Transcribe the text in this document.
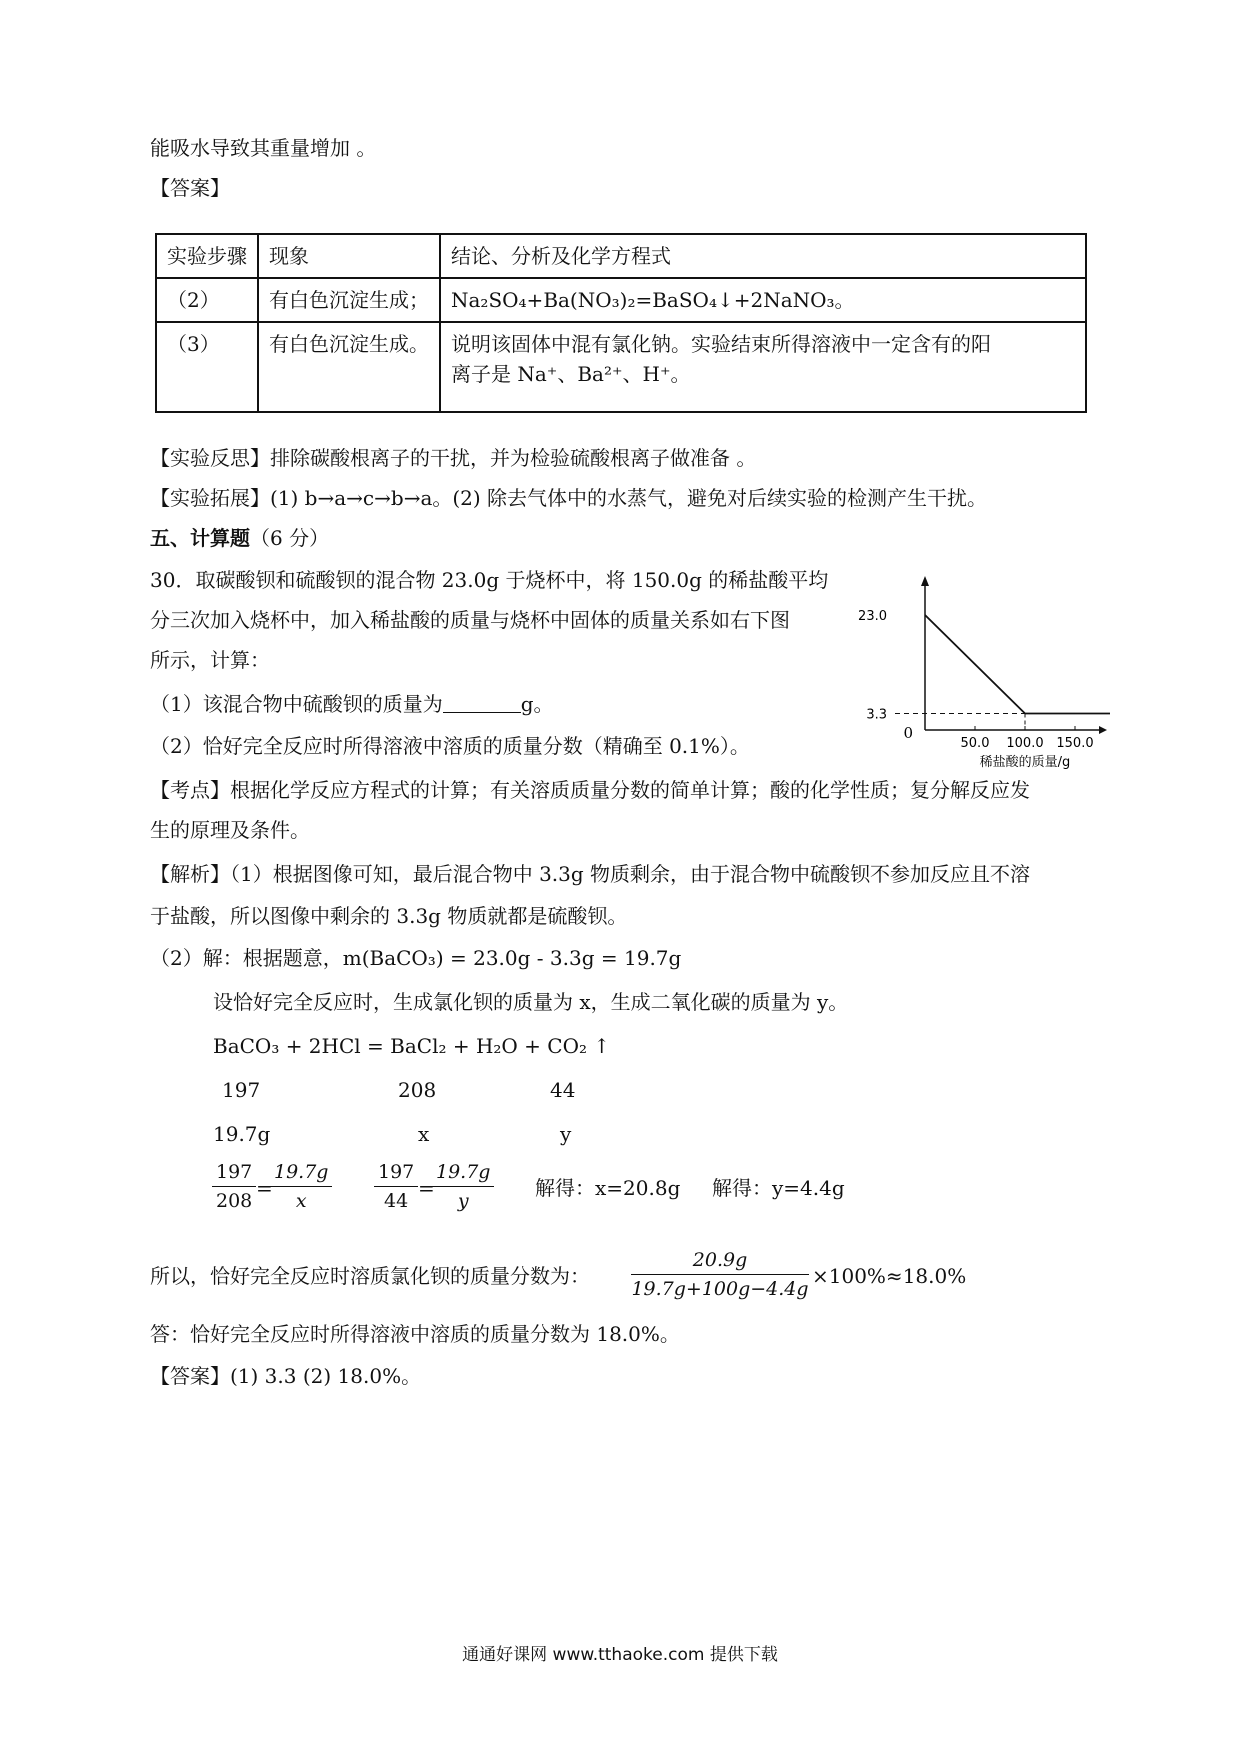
能吸水导致其重量增加 。
【答案】
实验步骤	现象	结论、分析及化学方程式
（2）	有白色沉淀生成；	Na₂SO₄+Ba(NO₃)₂=BaSO₄↓+2NaNO₃。
（3）	有白色沉淀生成。	说明该固体中混有氯化钠。实验结束所得溶液中一定含有的阳
离子是 Na⁺、Ba²⁺、H⁺。
【实验反思】排除碳酸根离子的干扰，并为检验硫酸根离子做准备 。
【实验拓展】(1) b→a→c→b→a。(2) 除去气体中的水蒸气，避免对后续实验的检测产生干扰。
五、计算题（6 分）
30．取碳酸钡和硫酸钡的混合物 23.0g 于烧杯中，将 150.0g 的稀盐酸平均
分三次加入烧杯中，加入稀盐酸的质量与烧杯中固体的质量关系如右下图
所示，计算：
（1）该混合物中硫酸钡的质量为	g。
（2）恰好完全反应时所得溶液中溶质的质量分数（精确至 0.1%）。
0
23.0
3.3
50.0 100.0 150.0
稀盐酸的质量/g
【考点】根据化学反应方程式的计算；有关溶质质量分数的简单计算；酸的化学性质；复分解反应发
生的原理及条件。
【解析】（1）根据图像可知，最后混合物中 3.3g 物质剩余，由于混合物中硫酸钡不参加反应且不溶
于盐酸，所以图像中剩余的 3.3g 物质就都是硫酸钡。
（2）解：根据题意，m(BaCO₃) = 23.0g - 3.3g = 19.7g
设恰好完全反应时，生成氯化钡的质量为 x，生成二氧化碳的质量为 y。
BaCO₃ + 2HCl = BaCl₂ + H₂O + CO₂ ↑
197	208	44
19.7g	x	y
$\frac{197}{208}$ =
$\frac{19.7g}{x} \frac{197}{44}$ =
$\frac{19.7g}{y}$ 解得：x=20.8g 解得：y=4.4g
所以，恰好完全反应时溶质氯化钡的质量分数为： $\frac{20.9g}{19.7g+100g-4.4g} \times 100\%\approx 18.0\%$
答：恰好完全反应时所得溶液中溶质的质量分数为 18.0%。
【答案】(1) 3.3 (2) 18.0%。
通通好课网 www.tthaoke.com 提供下载
